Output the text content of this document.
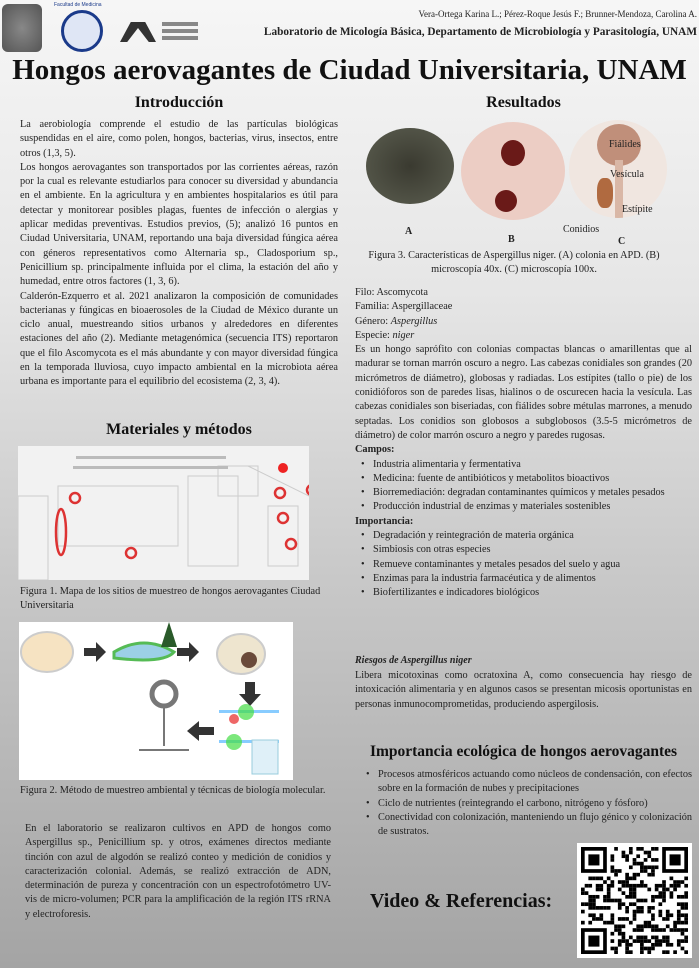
Facultad de Medicina
Vera-Ortega Karina L.; Pérez-Roque Jesús F.; Brunner-Mendoza, Carolina A.
Laboratorio de Micología Básica, Departamento de Microbiología y Parasitología, UNAM
Hongos aerovagantes de Ciudad Universitaria, UNAM
Introducción
La aerobiología comprende el estudio de las partículas biológicas suspendidas en el aire, como polen, hongos, bacterias, virus, insectos, entre otros (1,3, 5).
Los hongos aerovagantes son transportados por las corrientes aéreas, razón por la cual es relevante estudiarlos para conocer su diversidad y abundancia en el ambiente. En la agricultura y en ambientes hospitalarios es útil para detectar y monitorear posibles plagas, fuentes de infección o alergias y aplicar medidas preventivas. Estudios previos, (5); analizó 16 puntos en Ciudad Universitaria, UNAM, reportando una baja diversidad fúngica aérea con géneros representativos como Alternaria sp., Cladosporium sp., Penicillium sp. principalmente influida por el clima, la estación del año y humedad, entre otros factores (1, 3, 6).
Calderón-Ezquerro et al. 2021 analizaron la composición de comunidades bacterianas y fúngicas en bioaerosoles de la Ciudad de México durante un ciclo anual, muestreando sitios urbanos y alrededores en diferentes estaciones del año (2). Mediante metagenómica (secuencia ITS) reportaron que el filo Ascomycota es el más abundante y con mayor diversidad fúngica en la temporada lluviosa, cuyo impacto ambiental en la microbiota aérea urbana es importante para el equilibrio del ecosistema (2, 3, 4).
Materiales y métodos
Figura 1. Mapa de los sitios de muestreo de hongos aerovagantes Ciudad Universitaria
Figura 2. Método de muestreo ambiental y técnicas de biología molecular.
En el laboratorio se realizaron cultivos en APD de hongos como Aspergillus sp., Penicillium sp. y otros, exámenes directos mediante tinción con azul de algodón se realizó conteo y medición de conidios y caracterización colonial. Además, se realizó extracción de ADN, determinación de pureza y concentración con un espectrofotómetro UV-vis de micro-volumen; PCR para la amplificación de la región ITS rRNA y electroforesis.
Resultados
Fiálides
Vesícula
Estípite
Conidios
A
B	C
Figura 3. Características de Aspergillus niger. (A) colonia en APD. (B) microscopía 40x. (C) microscopía 100x.
Filo: Ascomycota
Familia: Aspergillaceae
Género: Aspergillus
Especie: niger
Es un hongo saprófito con colonias compactas blancas o amarillentas que al madurar se tornan marrón oscuro a negro. Las cabezas conidiales son grandes (20 micrómetros de diámetro), globosas y radiadas. Los estípites (tallo o pie) de los conidióforos son de paredes lisas, hialinos o de oscurecen hacia la vesícula. Las cabezas conidiales son biseriadas, con fiálides sobre métulas marrones, a menudo septadas. Los conidios son globosos a subglobosos (3.5-5 micrómetros de diámetro) de color marrón oscuro a negro y paredes rugosas.
Campos:
• Industria alimentaria y fermentativa
• Medicina: fuente de antibióticos y metabolitos bioactivos
• Biorremediación: degradan contaminantes químicos y metales pesados
• Producción industrial de enzimas y materiales sostenibles
Importancia:
• Degradación y reintegración de materia orgánica
• Simbiosis con otras especies
• Remueve contaminantes y metales pesados del suelo y agua
• Enzimas para la industria farmacéutica y de alimentos
• Biofertilizantes e indicadores biológicos
Riesgos de Aspergillus niger
Libera micotoxinas como ocratoxina A, como consecuencia hay riesgo de intoxicación alimentaria y en algunos casos se presentan micosis oportunistas en personas inmunocomprometidas, produciendo aspergilosis.
Importancia ecológica de hongos aerovagantes
• Procesos atmosféricos actuando como núcleos de condensación, con efectos sobre en la formación de nubes y precipitaciones
• Ciclo de nutrientes (reintegrando el carbono, nitrógeno y fósforo)
• Conectividad con colonización, manteniendo un flujo génico y colonización de sustratos.
Video & Referencias:
